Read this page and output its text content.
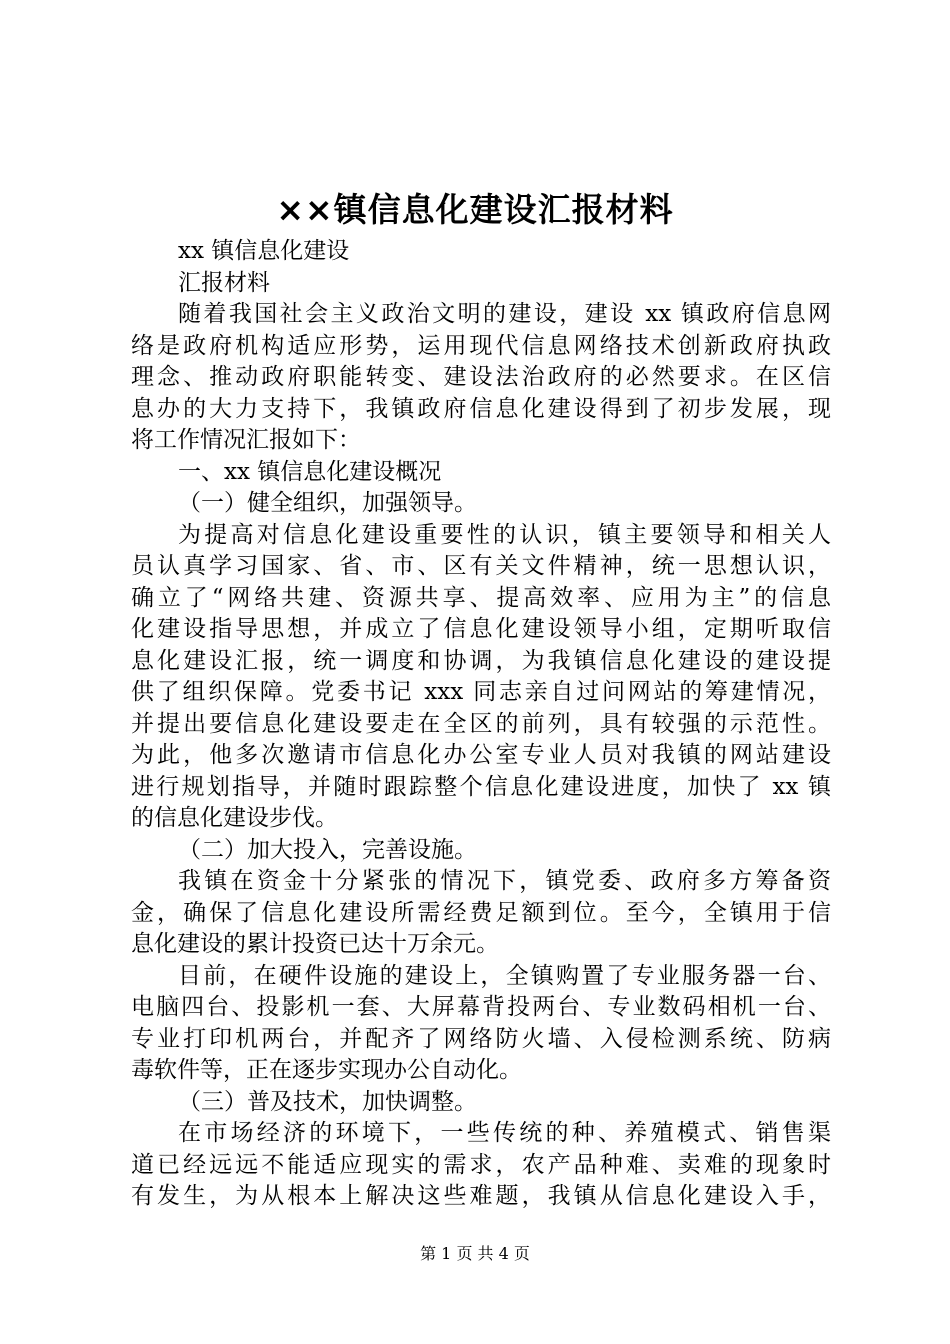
××镇信息化建设汇报材料
xx 镇信息化建设
汇报材料
随着我国社会主义政治文明的建设，建设 xx 镇政府信息网
络是政府机构适应形势，运用现代信息网络技术创新政府执政
理念、推动政府职能转变、建设法治政府的必然要求。在区信
息办的大力支持下，我镇政府信息化建设得到了初步发展，现
将工作情况汇报如下：
一、xx 镇信息化建设概况
（一）健全组织，加强领导。
为提高对信息化建设重要性的认识，镇主要领导和相关人
员认真学习国家、省、市、区有关文件精神，统一思想认识，
确立了“网络共建、资源共享、提高效率、应用为主”的信息
化建设指导思想，并成立了信息化建设领导小组，定期听取信
息化建设汇报，统一调度和协调，为我镇信息化建设的建设提
供了组织保障。党委书记 xxx 同志亲自过问网站的筹建情况，
并提出要信息化建设要走在全区的前列，具有较强的示范性。
为此，他多次邀请市信息化办公室专业人员对我镇的网站建设
进行规划指导，并随时跟踪整个信息化建设进度，加快了 xx 镇
的信息化建设步伐。
（二）加大投入，完善设施。
我镇在资金十分紧张的情况下，镇党委、政府多方筹备资
金，确保了信息化建设所需经费足额到位。至今，全镇用于信
息化建设的累计投资已达十万余元。
目前，在硬件设施的建设上，全镇购置了专业服务器一台、
电脑四台、投影机一套、大屏幕背投两台、专业数码相机一台、
专业打印机两台，并配齐了网络防火墙、入侵检测系统、防病
毒软件等，正在逐步实现办公自动化。
（三）普及技术，加快调整。
在市场经济的环境下，一些传统的种、养殖模式、销售渠
道已经远远不能适应现实的需求，农产品种难、卖难的现象时
有发生，为从根本上解决这些难题，我镇从信息化建设入手，
第 1 页 共 4 页
